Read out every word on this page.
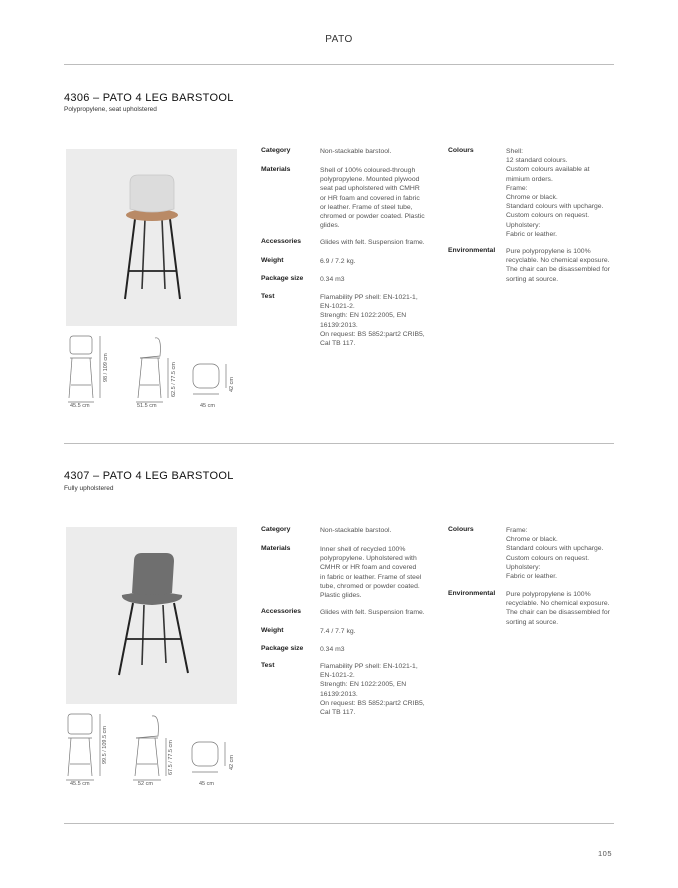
PATO
4306 – PATO 4 LEG BARSTOOL
Polypropylene, seat upholstered
Category	Non-stackable barstool.
Materials	Shell of 100% coloured-through
polypropylene. Mounted plywood
seat pad upholstered with CMHR
or HR foam and covered in fabric
or leather. Frame of steel tube,
chromed or powder coated. Plastic
glides.
Accessories	Glides with felt. Suspension frame.
Weight	6.9 / 7.2 kg.
Package size 0.34 m3
Test	Flamability PP shell: EN-1021-1,
EN-1021-2.
Strength: EN 1022:2005, EN
16139:2013.
On request: BS 5852:part2 CRIB5,
Cal TB 117.
Colours	Shell:
12 standard colours.
Custom colours available at
mimium orders.
Frame:
Chrome or black.
Standard colours with upcharge.
Custom colours on request.
Upholstery:
Fabric or leather.
Environmental Pure polypropylene is 100%
recyclable. No chemical exposure.
The chair can be disassembled for
sorting at source.
45.5 cm
98 / 109 cm
51.5 cm
62.5 / 77.5 cm
45 cm
42 cm
4307 – PATO 4 LEG BARSTOOL
Fully upholstered
Category	Non-stackable barstool.
Materials	Inner shell of recycled 100%
polypropylene. Upholstered with
CMHR or HR foam and covered
in fabric or leather. Frame of steel
tube, chromed or powder coated.
Plastic glides.
Accessories	Glides with felt. Suspension frame.
Weight	7.4 / 7.7 kg.
Package size 0.34 m3
Test	Flamability PP shell: EN-1021-1,
EN-1021-2.
Strength: EN 1022:2005, EN
16139:2013.
On request: BS 5852:part2 CRIB5,
Cal TB 117.
Colours	Frame:
Chrome or black.
Standard colours with upcharge.
Custom colours on request.
Upholstery:
Fabric or leather.
Environmental Pure polypropylene is 100%
recyclable. No chemical exposure.
The chair can be disassembled for
sorting at source.
45.5 cm
99.5 / 109.5 cm
52 cm
67.5 / 77.5 cm
45 cm
42 cm
105
